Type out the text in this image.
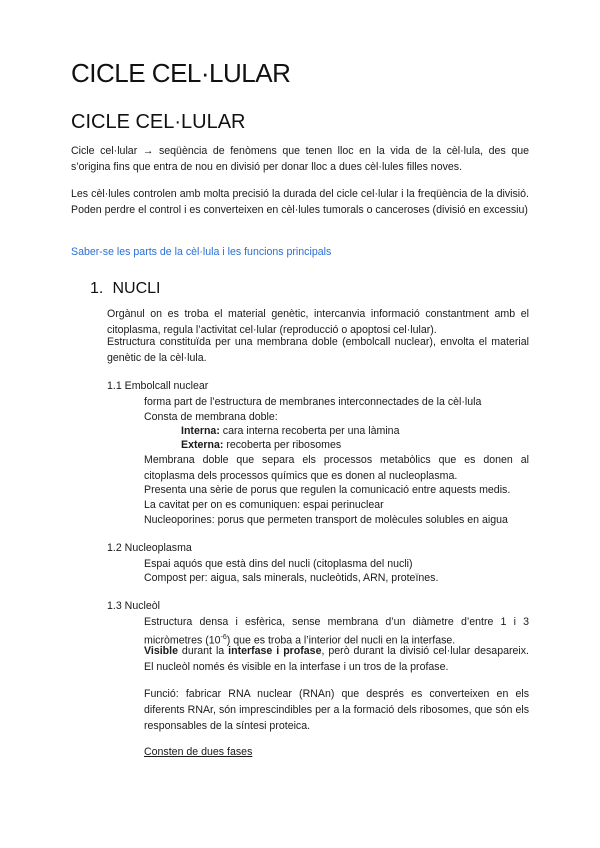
CICLE CEL·LULAR
CICLE CEL·LULAR
Cicle cel·lular → seqüència de fenòmens que tenen lloc en la vida de la cèl·lula, des que s’origina fins que entra de nou en divisió per donar lloc a dues cèl·lules filles noves.
Les cèl·lules controlen amb molta precisió la durada del cicle cel·lular i la freqüència de la divisió. Poden perdre el control i es converteixen en cèl·lules tumorals o canceroses (divisió en excessiu)
Saber-se les parts de la cèl·lula i les funcions principals
1. NUCLI
Orgànul on es troba el material genètic, intercanvia informació constantment amb el citoplasma, regula l’activitat cel·lular (reproducció o apoptosi cel·lular).
Estructura constituïda per una membrana doble (embolcall nuclear), envolta el material genètic de la cèl·lula.
1.1 Embolcall nuclear
forma part de l’estructura de membranes interconnectades de la cèl·lula
Consta de membrana doble:
Interna: cara interna recoberta per una làmina
Externa: recoberta per ribosomes
Membrana doble que separa els processos metabòlics que es donen al citoplasma dels processos químics que es donen al nucleoplasma.
Presenta una sèrie de porus que regulen la comunicació entre aquests medis.
La cavitat per on es comuniquen: espai perinuclear
Nucleoporines: porus que permeten transport de molècules solubles en aigua
1.2 Nucleoplasma
Espai aquós que està dins del nucli (citoplasma del nucli)
Compost per: aigua, sals minerals, nucleòtids, ARN, proteïnes.
1.3 Nucleòl
Estructura densa i esfèrica, sense membrana d’un diàmetre d’entre 1 i 3 micròmetres $(10^{-6})$ que es troba a l’interior del nucli en la interfase.
Visible durant la interfase i profase, però durant la divisió cel·lular desapareix. El nucleòl només és visible en la interfase i un tros de la profase.
Funció: fabricar RNA nuclear (RNAn) que després es converteixen en els diferents RNAr, són imprescindibles per a la formació dels ribosomes, que són els responsables de la síntesi proteica.
Consten de dues fases
